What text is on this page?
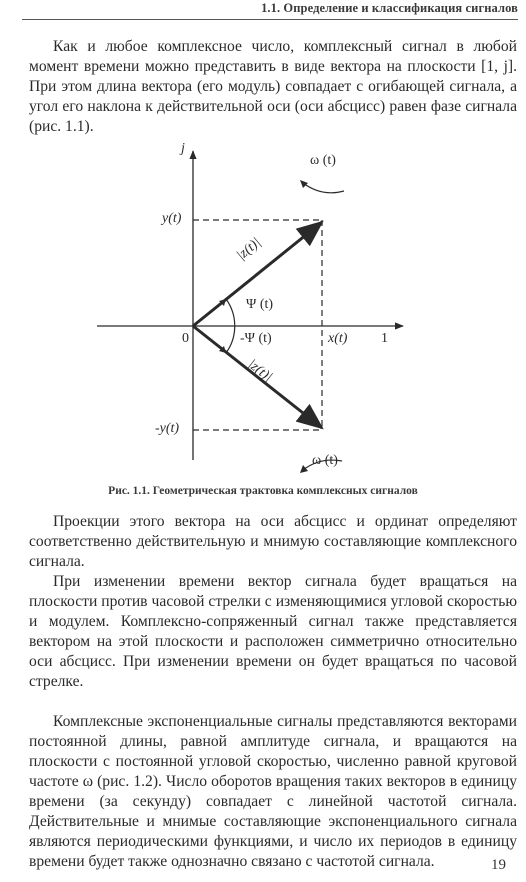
1.1. Определение и классификация сигналов

Как и любое комплексное число, комплексный сигнал в любой момент времени можно представить в виде вектора на плоскости [1, j]. При этом длина вектора (его модуль) совпадает с огибающей сигнала, а угол его наклона к действительной оси (оси абсцисс) равен фазе сигнала (рис. 1.1).

j
y(t)
-y(t)
0	x(t) 1
ω (t)
ω (t)
Ψ (t)
-Ψ (t)
|z(t)|
|z(t)|
Рис. 1.1. Геометрическая трактовка комплексных сигналов

Проекции этого вектора на оси абсцисс и ординат определяют соответственно действительную и мнимую составляющие комплексного сигнала.

При изменении времени вектор сигнала будет вращаться на плоскости против часовой стрелки с изменяющимися угловой скоростью и модулем. Комплексно-сопряженный сигнал также представляется вектором на этой плоскости и расположен симметрично относительно оси абсцисс. При изменении времени он будет вращаться по часовой стрелке.

Комплексные экспоненциальные сигналы представляются векторами постоянной длины, равной амплитуде сигнала, и вращаются на плоскости с постоянной угловой скоростью, численно равной круговой частоте ω (рис. 1.2). Число оборотов вращения таких векторов в единицу времени (за секунду) совпадает с линейной частотой сигнала. Действительные и мнимые составляющие экспоненциального сигнала являются периодическими функциями, и число их периодов в единицу времени будет также однозначно связано с частотой сигнала.	19
